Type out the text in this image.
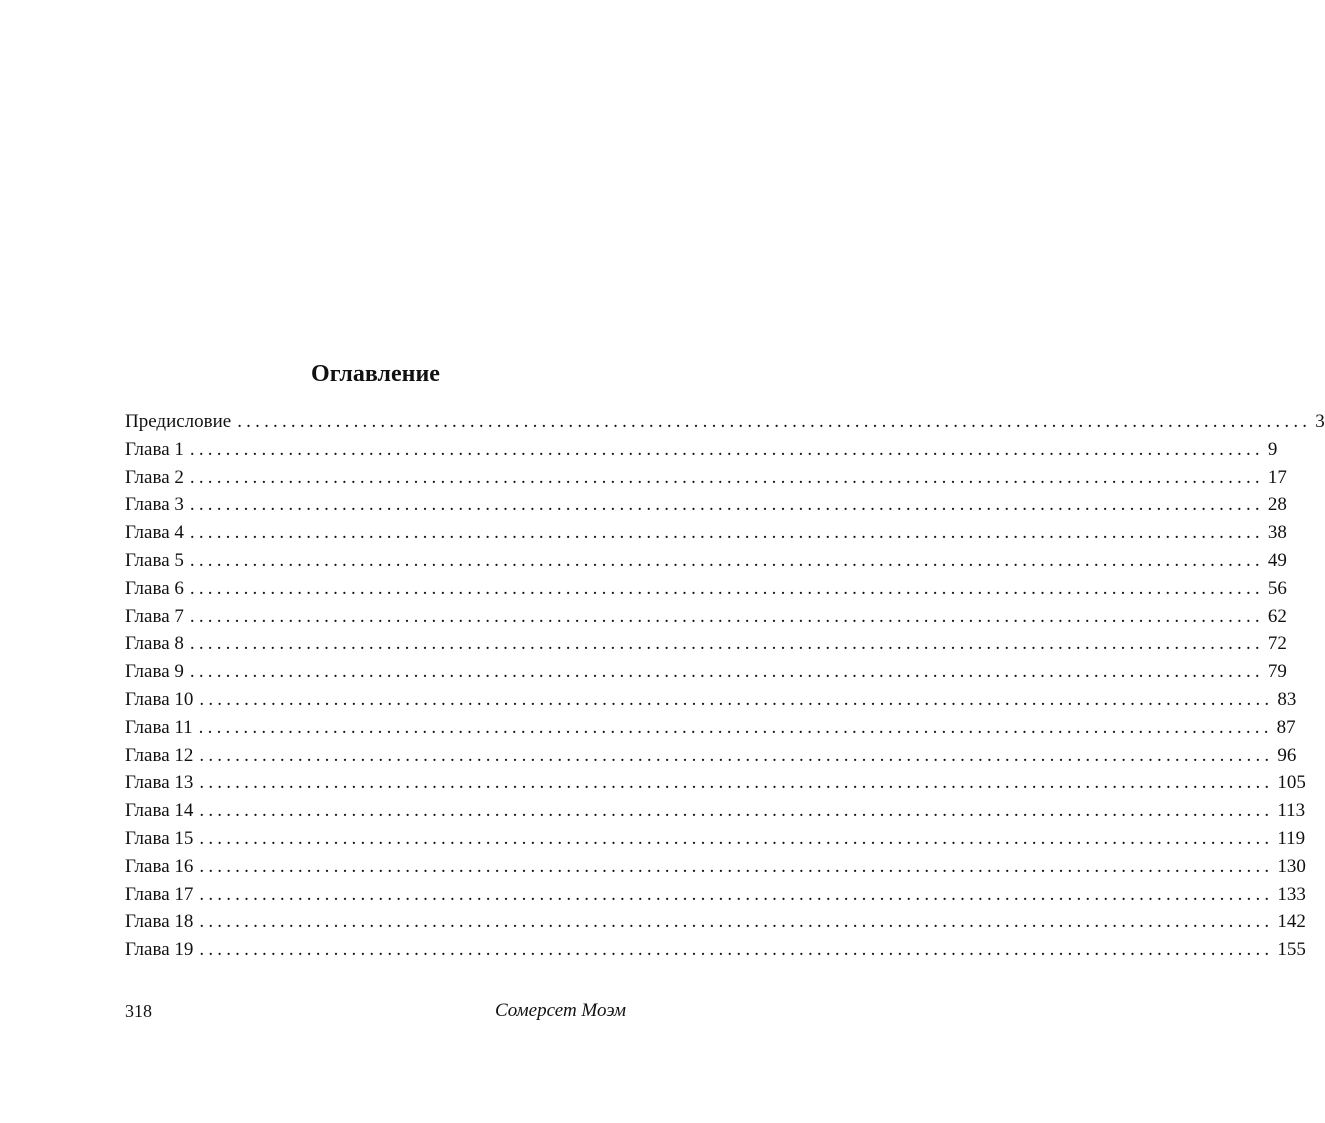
Оглавление
Предисловие ........................................................................................................................ 3
Глава 1 ........................................................................................................................ 9
Глава 2 ........................................................................................................................ 17
Глава 3 ........................................................................................................................ 28
Глава 4 ........................................................................................................................ 38
Глава 5 ........................................................................................................................ 49
Глава 6 ........................................................................................................................ 56
Глава 7 ........................................................................................................................ 62
Глава 8 ........................................................................................................................ 72
Глава 9 ........................................................................................................................ 79
Глава 10 ........................................................................................................................ 83
Глава 11 ........................................................................................................................ 87
Глава 12 ........................................................................................................................ 96
Глава 13 ........................................................................................................................ 105
Глава 14 ........................................................................................................................ 113
Глава 15 ........................................................................................................................ 119
Глава 16 ........................................................................................................................ 130
Глава 17 ........................................................................................................................ 133
Глава 18 ........................................................................................................................ 142
Глава 19 ........................................................................................................................ 155
318	Сомерсет Моэм
